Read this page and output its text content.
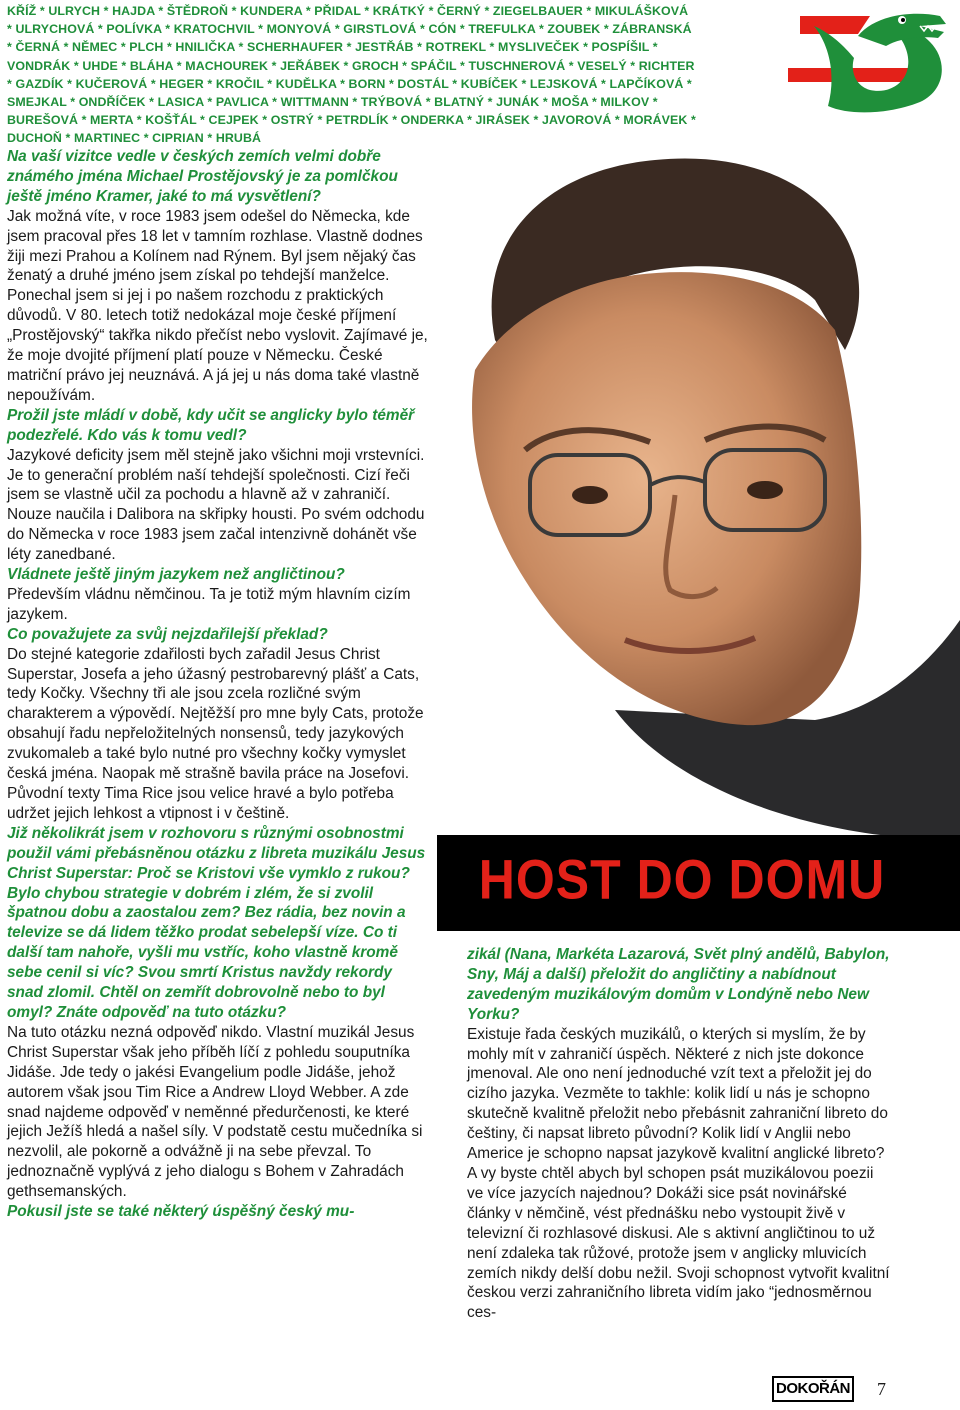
KŘÍŽ * ULRYCH * HAJDA * ŠTĚDROŇ * KUNDERA * PŘIDAL * KRÁTKÝ * ČERNÝ * ZIEGELBAUER * MIKULÁŠKOVÁ
* ULRYCHOVÁ * POLÍVKA * KRATOCHVIL * MONYOVÁ * GIRSTLOVÁ * CÓN * TREFULKA * ZOUBEK * ZÁBRANSKÁ
* ČERNÁ * NĚMEC * PLCH * HNILIČKA * SCHERHAUFER * JESTŘÁB * ROTREKL * MYSLIVEČEK * POSPÍŠIL *
VONDRÁK * UHDE * BLÁHA * MACHOUREK * JEŘÁBEK * GROCH * SPÁČIL * TUSCHNEROVÁ * VESELÝ * RICHTER
* GAZDÍK * KUČEROVÁ * HEGER * KROČIL * KUDĚLKA * BORN * DOSTÁL * KUBÍČEK * LEJSKOVÁ * LAPČÍKOVÁ *
SMEJKAL * ONDŘÍČEK * LASICA * PAVLICA * WITTMANN * TRÝBOVÁ * BLATNÝ * JUNÁK * MOŠA * MILKOV *
BUREŠOVÁ * MERTA * KOŠŤÁL * CEJPEK * OSTRÝ * PETRDLÍK * ONDERKA * JIRÁSEK * JAVOROVÁ * MORÁVEK *
DUCHOŇ * MARTINEC * CIPRIAN * HRUBÁ
Na vaší vizitce vedle v českých zemích velmi dobře známého jména Michael Prostějovský je za pomlčkou ještě jméno Kramer, jaké to má vysvětlení?
Jak možná víte, v roce 1983 jsem odešel do Německa, kde jsem pracoval přes 18 let v tamním rozhlase. Vlastně dodnes žiji mezi Prahou a Kolínem nad Rýnem. Byl jsem nějaký čas ženatý a druhé jméno jsem získal po tehdejší manželce. Ponechal jsem si jej i po našem rozchodu z praktických důvodů. V 80. letech totiž nedokázal moje české příjmení „Prostějovský“ takřka nikdo přečíst nebo vyslovit. Zajímavé je, že moje dvojité příjmení platí pouze v Německu. České matriční právo jej neuznává. A já jej u nás doma také vlastně nepoužívám.
Prožil jste mládí v době, kdy učit se anglicky bylo téměř podezřelé. Kdo vás k tomu vedl?
Jazykové deficity jsem měl stejně jako všichni moji vrstevníci. Je to generační problém naší tehdejší společnosti. Cizí řeči jsem se vlastně učil za pochodu a hlavně až v zahraničí. Nouze naučila i Dalibora na skřipky housti. Po svém odchodu do Německa v roce 1983 jsem začal intenzivně dohánět vše léty zanedbané.
Vládnete ještě jiným jazykem než angličtinou?
Především vládnu němčinou. Ta je totiž mým hlavním cizím jazykem.
Co považujete za svůj nejzdařilejší překlad?
Do stejné kategorie zdařilosti bych zařadil Jesus Christ Superstar, Josefa a jeho úžasný pestrobarevný plášť a Cats, tedy Kočky. Všechny tři ale jsou zcela rozličné svým charakterem a výpovědí. Nejtěžší pro mne byly Cats, protože obsahují řadu nepřeložitelných nonsensů, tedy jazykových zvukomaleb a také bylo nutné pro všechny kočky vymyslet česká jména. Naopak mě strašně bavila práce na Josefovi. Původní texty Tima Rice jsou velice hravé a bylo potřeba udržet jejich lehkost a vtipnost i v češtině.
Již několikrát jsem v rozhovoru s různými osobnostmi použil vámi přebásněnou otázku z libreta muzikálu Jesus Christ Superstar: Proč se Kristovi vše vymklo z rukou? Bylo chybou strategie v dobrém i zlém, že si zvolil špatnou dobu a zaostalou zem? Bez rádia, bez novin a televize se dá lidem těžko prodat sebelepší víze. Co ti další tam nahoře, vyšli mu vstříc, koho vlastně kromě sebe cenil si víc? Svou smrtí Kristus navždy rekordy snad zlomil. Chtěl on zemřít dobrovolně nebo to byl omyl? Znáte odpověď na tuto otázku?
Na tuto otázku nezná odpověď nikdo. Vlastní muzikál Jesus Christ Superstar však jeho příběh líčí z pohledu souputníka Jidáše. Jde tedy o jakési Evangelium podle Jidáše, jehož autorem však jsou Tim Rice a Andrew Lloyd Webber. A zde snad najdeme odpověď v neměnné předurčenosti, ke které jejich Ježíš hledá a našel síly. V podstatě cestu mučedníka si nezvolil, ale pokorně a odvážně ji na sebe převzal. To jednoznačně vyplývá z jeho dialogu s Bohem v Zahradách gethsemanských.
Pokusil jste se také některý úspěšný český mu-
HOST DO DOMU
zikál (Nana, Markéta Lazarová, Svět plný andělů, Babylon, Sny, Máj a další) přeložit do angličtiny a nabídnout zavedeným muzikálovým domům v Londýně nebo New Yorku?
Existuje řada českých muzikálů, o kterých si myslím, že by mohly mít v zahraničí úspěch. Některé z nich jste dokonce jmenoval. Ale ono není jednoduché vzít text a přeložit jej do cizího jazyka. Vezměte to takhle: kolik lidí u nás je schopno skutečně kvalitně přeložit nebo přebásnit zahraniční libreto do češtiny, či napsat libreto původní? Kolik lidí v Anglii nebo Americe je schopno napsat jazykově kvalitní anglické libreto? A vy byste chtěl abych byl schopen psát muzikálovou poezii ve více jazycích najednou? Dokáži sice psát novinářské články v němčině, vést přednášku nebo vystoupit živě v televizní či rozhlasové diskusi. Ale s aktivní angličtinou to už není zdaleka tak růžové, protože jsem v anglicky mluvicích zemích nikdy delší dobu nežil. Svoji schopnost vytvořit kvalitní českou verzi zahraničního libreta vidím jako “jednosměrnou ces-
DOKOŘÁN 7
